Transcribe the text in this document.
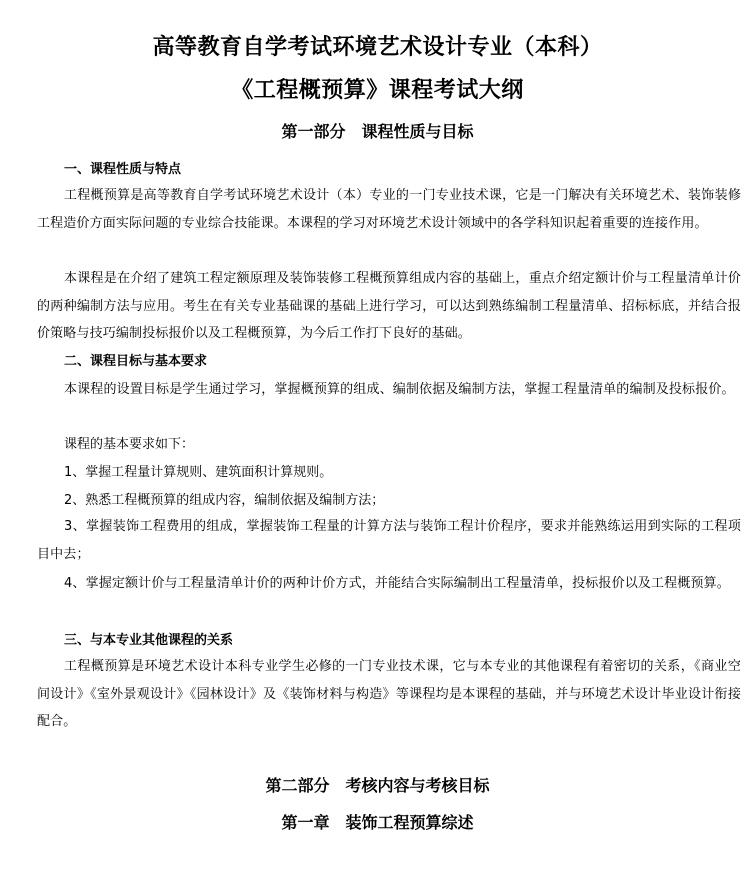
高等教育自学考试环境艺术设计专业（本科）
《工程概预算》课程考试大纲
第一部分　课程性质与目标
一、课程性质与特点
工程概预算是高等教育自学考试环境艺术设计（本）专业的一门专业技术课，它是一门解决有关环境艺术、装饰装修工程造价方面实际问题的专业综合技能课。本课程的学习对环境艺术设计领域中的各学科知识起着重要的连接作用。
本课程是在介绍了建筑工程定额原理及装饰装修工程概预算组成内容的基础上，重点介绍定额计价与工程量清单计价的两种编制方法与应用。考生在有关专业基础课的基础上进行学习，可以达到熟练编制工程量清单、招标标底，并结合报价策略与技巧编制投标报价以及工程概预算，为今后工作打下良好的基础。
二、课程目标与基本要求
本课程的设置目标是学生通过学习，掌握概预算的组成、编制依据及编制方法，掌握工程量清单的编制及投标报价。
课程的基本要求如下：
1、掌握工程量计算规则、建筑面积计算规则。
2、熟悉工程概预算的组成内容，编制依据及编制方法；
3、掌握装饰工程费用的组成，掌握装饰工程量的计算方法与装饰工程计价程序，要求并能熟练运用到实际的工程项目中去；
4、掌握定额计价与工程量清单计价的两种计价方式，并能结合实际编制出工程量清单，投标报价以及工程概预算。
三、与本专业其他课程的关系
工程概预算是环境艺术设计本科专业学生必修的一门专业技术课，它与本专业的其他课程有着密切的关系，《商业空间设计》《室外景观设计》《园林设计》及《装饰材料与构造》等课程均是本课程的基础，并与环境艺术设计毕业设计衔接配合。
第二部分　考核内容与考核目标
第一章　装饰工程预算综述
